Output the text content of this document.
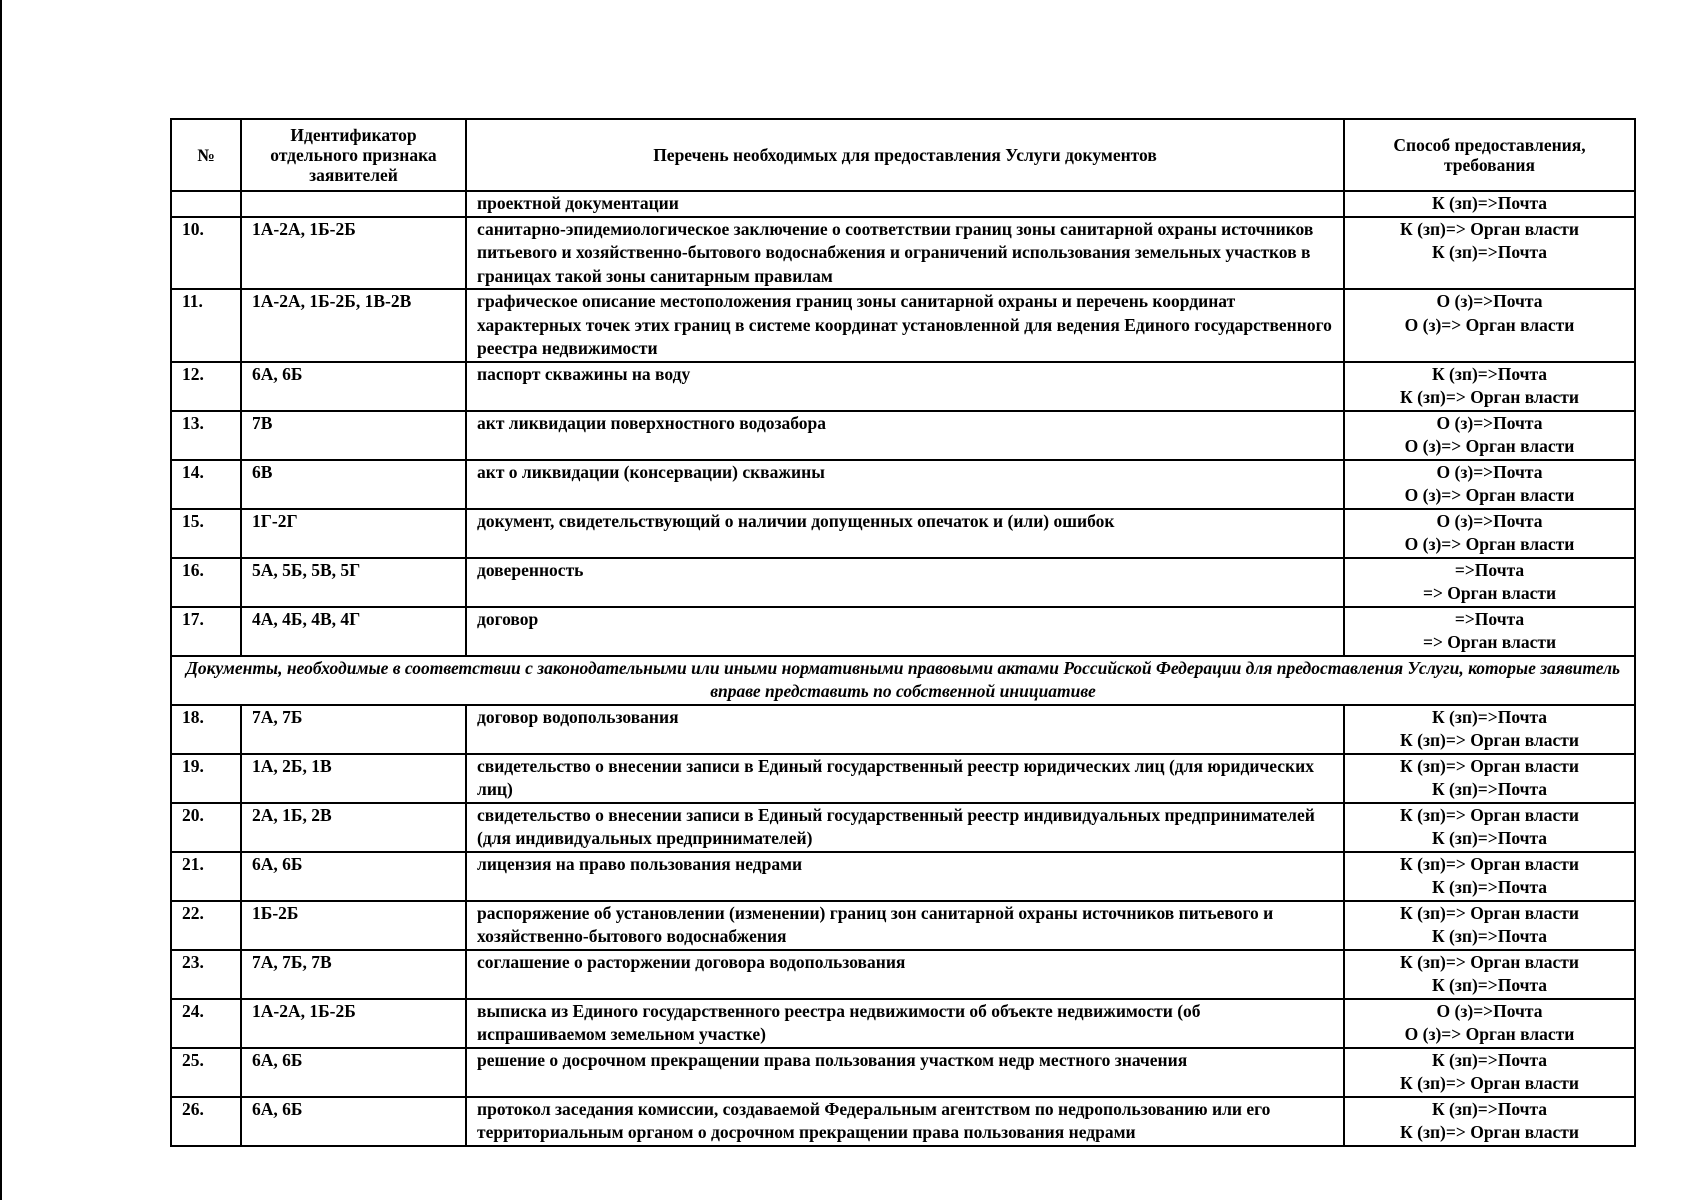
№	Идентификатор отдельного признака заявителей	Перечень необходимых для предоставления Услуги документов	Способ предоставления, требования
		проектной документации	К (зп)=>Почта

10.	1А-2А, 1Б-2Б	санитарно-эпидемиологическое заключение о соответствии границ зоны санитарной охраны источников питьевого и хозяйственно-бытового водоснабжения и ограничений использования земельных участков в границах такой зоны санитарным правилам	К (зп)=> Орган власти
К (зп)=>Почта

11.	1А-2А, 1Б-2Б, 1В-2В	графическое описание местоположения границ зоны санитарной охраны и перечень координат характерных точек этих границ в системе координат установленной для ведения Единого государственного реестра недвижимости	О (з)=>Почта
О (з)=> Орган власти

12.	6А, 6Б	паспорт скважины на воду	К (зп)=>Почта
К (зп)=> Орган власти

13.	7В	акт ликвидации поверхностного водозабора	О (з)=>Почта
О (з)=> Орган власти

14.	6В	акт о ликвидации (консервации) скважины	О (з)=>Почта
О (з)=> Орган власти

15.	1Г-2Г	документ, свидетельствующий о наличии допущенных опечаток и (или) ошибок	О (з)=>Почта
О (з)=> Орган власти

16.	5А, 5Б, 5В, 5Г	доверенность	=>Почта
=> Орган власти

17.	4А, 4Б, 4В, 4Г	договор	=>Почта
=> Орган власти

Документы, необходимые в соответствии с законодательными или иными нормативными правовыми актами Российской Федерации для предоставления Услуги, которые заявитель вправе представить по собственной инициативе			
18.	7А, 7Б	договор водопользования	К (зп)=>Почта
К (зп)=> Орган власти

19.	1А, 2Б, 1В	свидетельство о внесении записи в Единый государственный реестр юридических лиц (для юридических лиц)	К (зп)=> Орган власти
К (зп)=>Почта

20.	2А, 1Б, 2В	свидетельство о внесении записи в Единый государственный реестр индивидуальных предпринимателей (для индивидуальных предпринимателей)	К (зп)=> Орган власти
К (зп)=>Почта

21.	6А, 6Б	лицензия на право пользования недрами	К (зп)=> Орган власти
К (зп)=>Почта

22.	1Б-2Б	распоряжение об установлении (изменении) границ зон санитарной охраны источников питьевого и хозяйственно-бытового водоснабжения	К (зп)=> Орган власти
К (зп)=>Почта

23.	7А, 7Б, 7В	соглашение о расторжении договора водопользования	К (зп)=> Орган власти
К (зп)=>Почта

24.	1А-2А, 1Б-2Б	выписка из Единого государственного реестра недвижимости об объекте недвижимости (об испрашиваемом земельном участке)	О (з)=>Почта
О (з)=> Орган власти

25.	6А, 6Б	решение о досрочном прекращении права пользования участком недр местного значения	К (зп)=>Почта
К (зп)=> Орган власти

26.	6А, 6Б	протокол заседания комиссии, создаваемой Федеральным агентством по недропользованию или его территориальным органом о досрочном прекращении права пользования недрами	К (зп)=>Почта
К (зп)=> Орган власти
